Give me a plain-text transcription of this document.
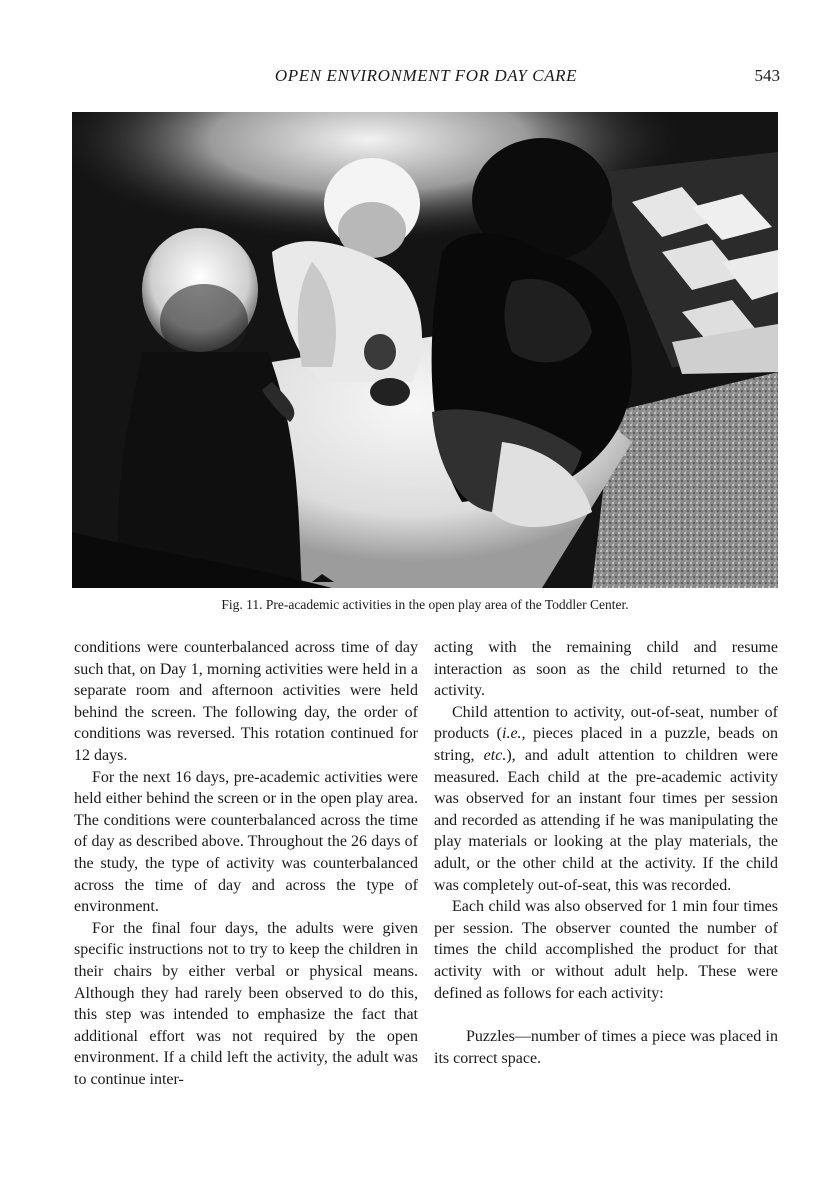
OPEN ENVIRONMENT FOR DAY CARE	543
Fig. 11. Pre-academic activities in the open play area of the Toddler Center.

conditions were counterbalanced across time of day such that, on Day 1, morning activities were held in a separate room and afternoon activities were held behind the screen. The following day, the order of conditions was reversed. This rotation continued for 12 days.

For the next 16 days, pre-academic activities were held either behind the screen or in the open play area. The conditions were counterbalanced across the time of day as described above. Throughout the 26 days of the study, the type of activity was counterbalanced across the time of day and across the type of environment.

For the final four days, the adults were given specific instructions not to try to keep the children in their chairs by either verbal or physical means. Although they had rarely been observed to do this, this step was intended to emphasize the fact that additional effort was not required by the open environment. If a child left the activity, the adult was to continue inter-

acting with the remaining child and resume interaction as soon as the child returned to the activity.

Child attention to activity, out-of-seat, number of products (i.e., pieces placed in a puzzle, beads on string, etc.), and adult attention to children were measured. Each child at the pre-academic activity was observed for an instant four times per session and recorded as attending if he was manipulating the play materials or looking at the play materials, the adult, or the other child at the activity. If the child was completely out-of-seat, this was recorded.

Each child was also observed for 1 min four times per session. The observer counted the number of times the child accomplished the product for that activity with or without adult help. These were defined as follows for each activity:

Puzzles—number of times a piece was placed in its correct space.
